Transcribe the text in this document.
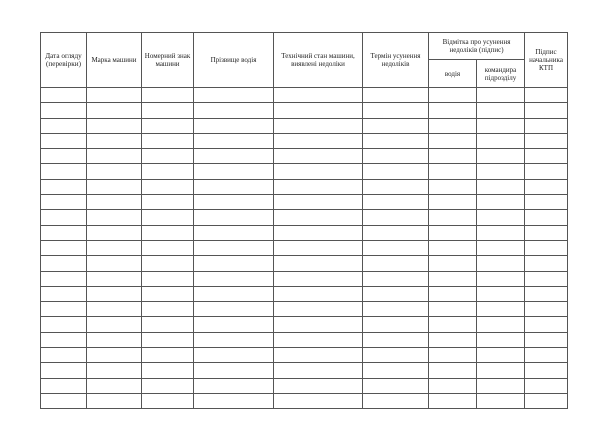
Дата огляду (перевірки)	Марка машини	Номерний знак машини	Прізвище водія	Технічний стан машини, виявлені недоліки	Термін усунення недоліків	Відмітка про усунення недоліків (підпис)		Підпис начальника КТП
						водія	командира підрозділу	
